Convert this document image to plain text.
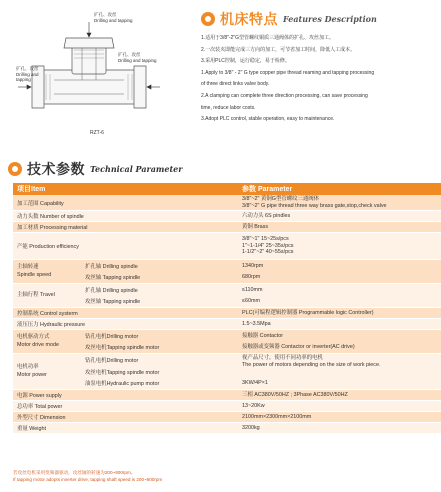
扩孔、攻丝
Drilling and tapping
扩孔、攻丝
Drilling and
tapping
扩孔、攻丝
Drilling and tapping
RZT-6
机床特点 Features Description
1.适用于3/8"-2"G型管螺纹铜质三通阀体的扩孔、攻丝加工。
2.一次装夹即能完成三方向的加工，可节省加工时间，降低人工成本。
3.采用PLC控制，运行稳定，易于检修。
1.Apply to 3/8" - 2" G type copper pipe thread reaming and tapping processing
of three direct links valve body.
2.A clamping can complete three direction processing, can save processing
time, reduce labor costs.
3.Adopt PLC control, stable operation, easy to maintenance.
技术参数 Technical Parameter
项目Item	参数 Parameter
加工范围 Capability
3/8"~2" 黄铜G型管螺纹三通阀体
3/8"~2" G pipe thread three way brass gate,stop,check valve
动力头数 Number of spindle	六动力头 6S pindles
加工材质 Processing material	黄铜 Brass
产能 Production efficiency
3/8"~1" 15~25s/pcs
1"~1-1/4" 25~35s/pcs
1-1/2"~2" 40~55s/pcs
主轴转速
Spindle speed
扩孔轴 Drilling spindle	1340rpm
攻丝轴 Tapping spindle	680rpm
主轴行程 Travel
扩孔轴 Drilling spindle	≤110mm
攻丝轴 Tapping spindle	≤60mm
控制系统 Control systerm	PLC(可编程逻辑控制器 Programmable logic Controller)
液压压力 Hydraulic pressure	1.5~3.5Mpa
电机驱动方式
Motor drive mode
钻孔电机Drilling motor	接触器 Contactor
攻丝电机Tapping spindle motor	接触器或变频器 Contactor or inverter(AC drive)
电机功率
Motor power
钻孔电机Drilling motor	视产品尺寸，使用不同功率的电机
The power of motors depending on the size of work piece.
攻丝电机Tapping spindle motor
油泵电机Hydraulic pump motor	3KW/4P×1
电源 Power supply	三相 AC380V/50HZ ; 3Phase AC380V/50HZ
总功率 Total power	13~20Kw
外型尺寸 Dimension	2100mm×2300mm×2100mm
重量 Weight	3200kg
若攻丝电机采用变频器驱动，攻丝轴的转速为200~800rpm。
If tapping motor adopts inverter drive, tapping shaft speed is 200~800rpm
